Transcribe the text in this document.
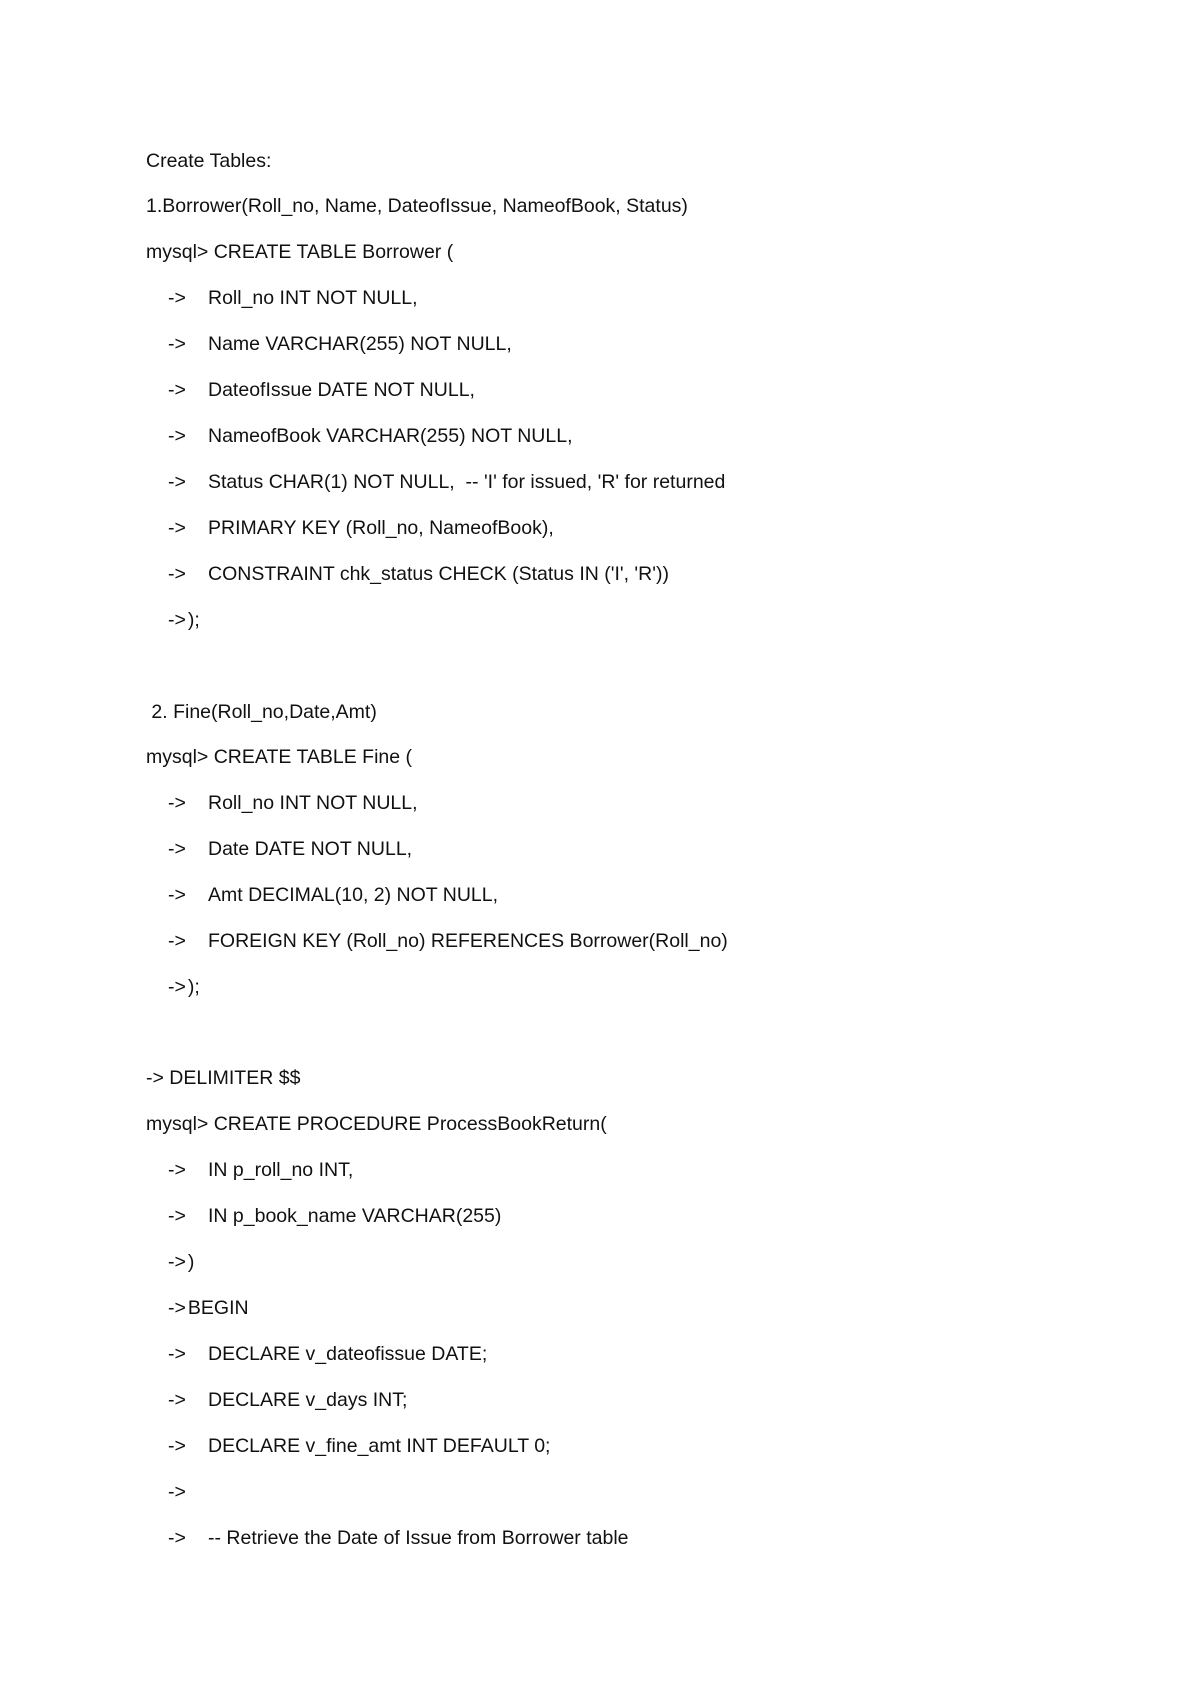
Create Tables:

1.Borrower(Roll_no, Name, DateofIssue, NameofBook, Status)

mysql> CREATE TABLE Borrower (

-> Roll_no INT NOT NULL,

-> Name VARCHAR(255) NOT NULL,

-> DateofIssue DATE NOT NULL,

-> NameofBook VARCHAR(255) NOT NULL,

-> Status CHAR(1) NOT NULL,  -- 'I' for issued, 'R' for returned

-> PRIMARY KEY (Roll_no, NameofBook),

-> CONSTRAINT chk_status CHECK (Status IN ('I', 'R'))

-> );

2. Fine(Roll_no,Date,Amt)

mysql> CREATE TABLE Fine (

-> Roll_no INT NOT NULL,

-> Date DATE NOT NULL,

-> Amt DECIMAL(10, 2) NOT NULL,

-> FOREIGN KEY (Roll_no) REFERENCES Borrower(Roll_no)

-> );

-> DELIMITER $$

mysql> CREATE PROCEDURE ProcessBookReturn(

-> IN p_roll_no INT,

-> IN p_book_name VARCHAR(255)

-> )

-> BEGIN

-> DECLARE v_dateofissue DATE;

-> DECLARE v_days INT;

-> DECLARE v_fine_amt INT DEFAULT 0;

->

-> -- Retrieve the Date of Issue from Borrower table
